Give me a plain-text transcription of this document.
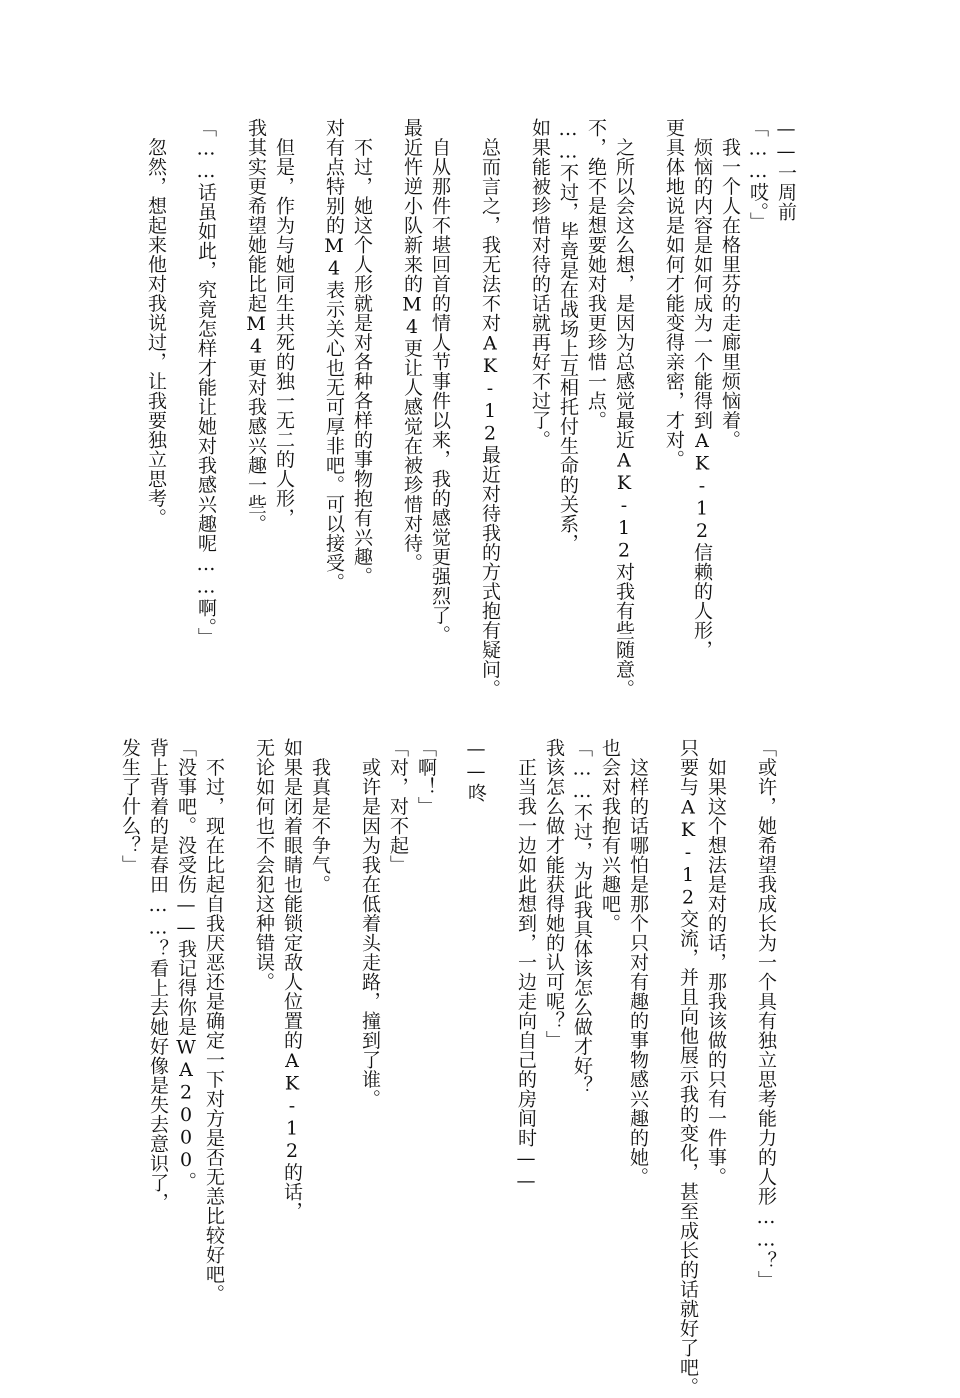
——一周前
「……哎。」
　我一个人在格里芬的走廊里烦恼着。
　烦恼的内容是如何成为一个能得到AK-12信赖的人形，
更具体地说是如何才能变得亲密，才对。
　之所以会这么想，是因为总感觉最近AK-12对我有些随意。
不，绝不是想要她对我更珍惜一点。
……不过，毕竟是在战场上互相托付生命的关系，
如果能被珍惜对待的话就再好不过了。
　总而言之，我无法不对AK-12最近对待我的方式抱有疑问。
　自从那件不堪回首的情人节事件以来，我的感觉更强烈了。
最近忤逆小队新来的M4更让人感觉在被珍惜对待。
　不过，她这个人形就是对各种各样的事物抱有兴趣。
对有点特别的M4表示关心也无可厚非吧。可以接受。
　但是，作为与她同生共死的独一无二的人形，
我其实更希望她能比起M4更对我感兴趣一些。
「……话虽如此，究竟怎样才能让她对我感兴趣呢……啊。」
　忽然，想起来他对我说过，让我要独立思考。
「或许，她希望我成长为一个具有独立思考能力的人形……？」
　如果这个想法是对的话，那我该做的只有一件事。
只要与AK-12交流，并且向他展示我的变化，甚至成长的话就好了吧。
　这样的话哪怕是那个只对有趣的事物感兴趣的她。
也会对我抱有兴趣吧。
「……不过，为此我具体该怎么做才好？
我该怎么做才能获得她的认可呢？」
　正当我一边如此想到，一边走向自己的房间时——
——咚
「啊！」
「对，对不起」
　或许是因为我在低着头走路，撞到了谁。
　我真是不争气。
如果是闭着眼睛也能锁定敌人位置的AK-12的话，
无论如何也不会犯这种错误。
　不过，现在比起自我厌恶还是确定一下对方是否无恙比较好吧。
「没事吧。没受伤——我记得你是WA2000。
背上背着的是春田……？看上去她好像是失去意识了，
发生了什么？」
